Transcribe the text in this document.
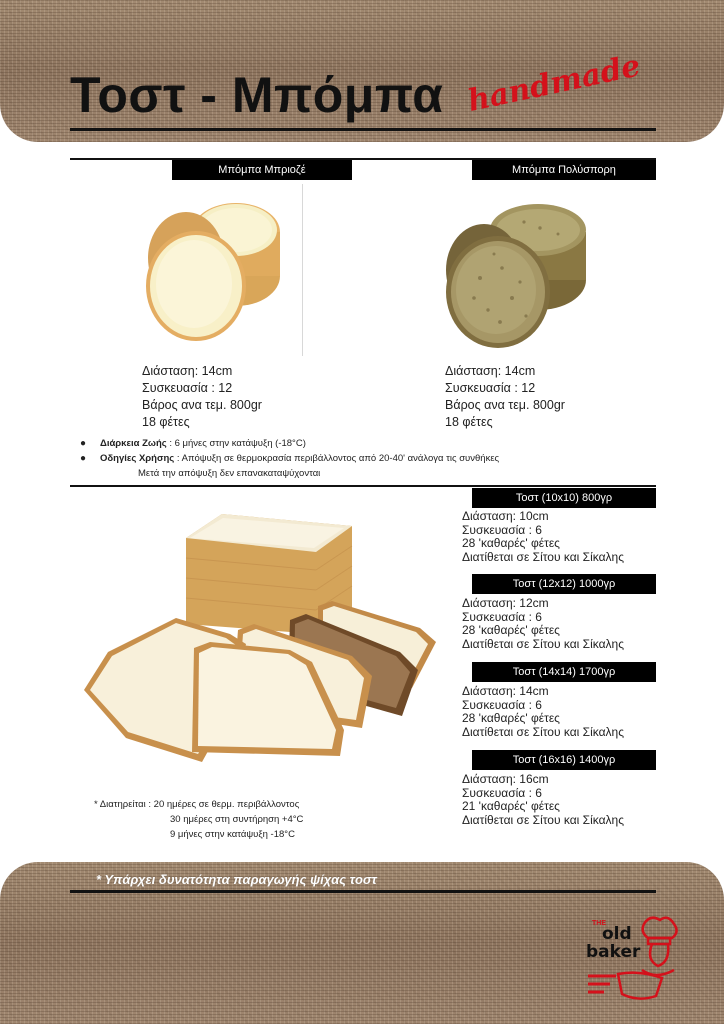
Τοστ - Μπόμπα handmade
Μπόμπα Μπριοζέ	Μπόμπα Πολύσπορη
Διάσταση: 14cm
Συσκευασία : 12
Βάρος ανα τεμ. 800gr
18 φέτες
Διάσταση: 14cm
Συσκευασία : 12
Βάρος ανα τεμ. 800gr
18 φέτες
● Διάρκεια Ζωής : 6 μήνες στην κατάψυξη (-18°C)
● Οδηγίες Χρήσης : Απόψυξη σε θερμοκρασία περιβάλλοντος από 20-40' ανάλογα τις συνθήκες
Μετά την απόψυξη δεν επανακαταψύχονται
Τοστ (10x10) 800γρ
Διάσταση: 10cm
Συσκευασία : 6
28 'καθαρές' φέτες
Διατίθεται σε Σίτου και Σίκαλης
Τοστ (12x12) 1000γρ
Διάσταση: 12cm
Συσκευασία : 6
28 'καθαρές' φέτες
Διατίθεται σε Σίτου και Σίκαλης
Τοστ (14x14) 1700γρ
Διάσταση: 14cm
Συσκευασία : 6
28 'καθαρές' φέτες
Διατίθεται σε Σίτου και Σίκαλης
Τοστ (16x16) 1400γρ
Διάσταση: 16cm
Συσκευασία : 6
21 'καθαρές' φέτες
Διατίθεται σε Σίτου και Σίκαλης
* Διατηρείται : 20 ημέρες σε θερμ. περιβάλλοντος
30 ημέρες στη συντήρηση +4°C
9 μήνες στην κατάψυξη -18°C
* Υπάρχει δυνατότητα παραγωγής ψίχας τοστ
THE
old
baker
